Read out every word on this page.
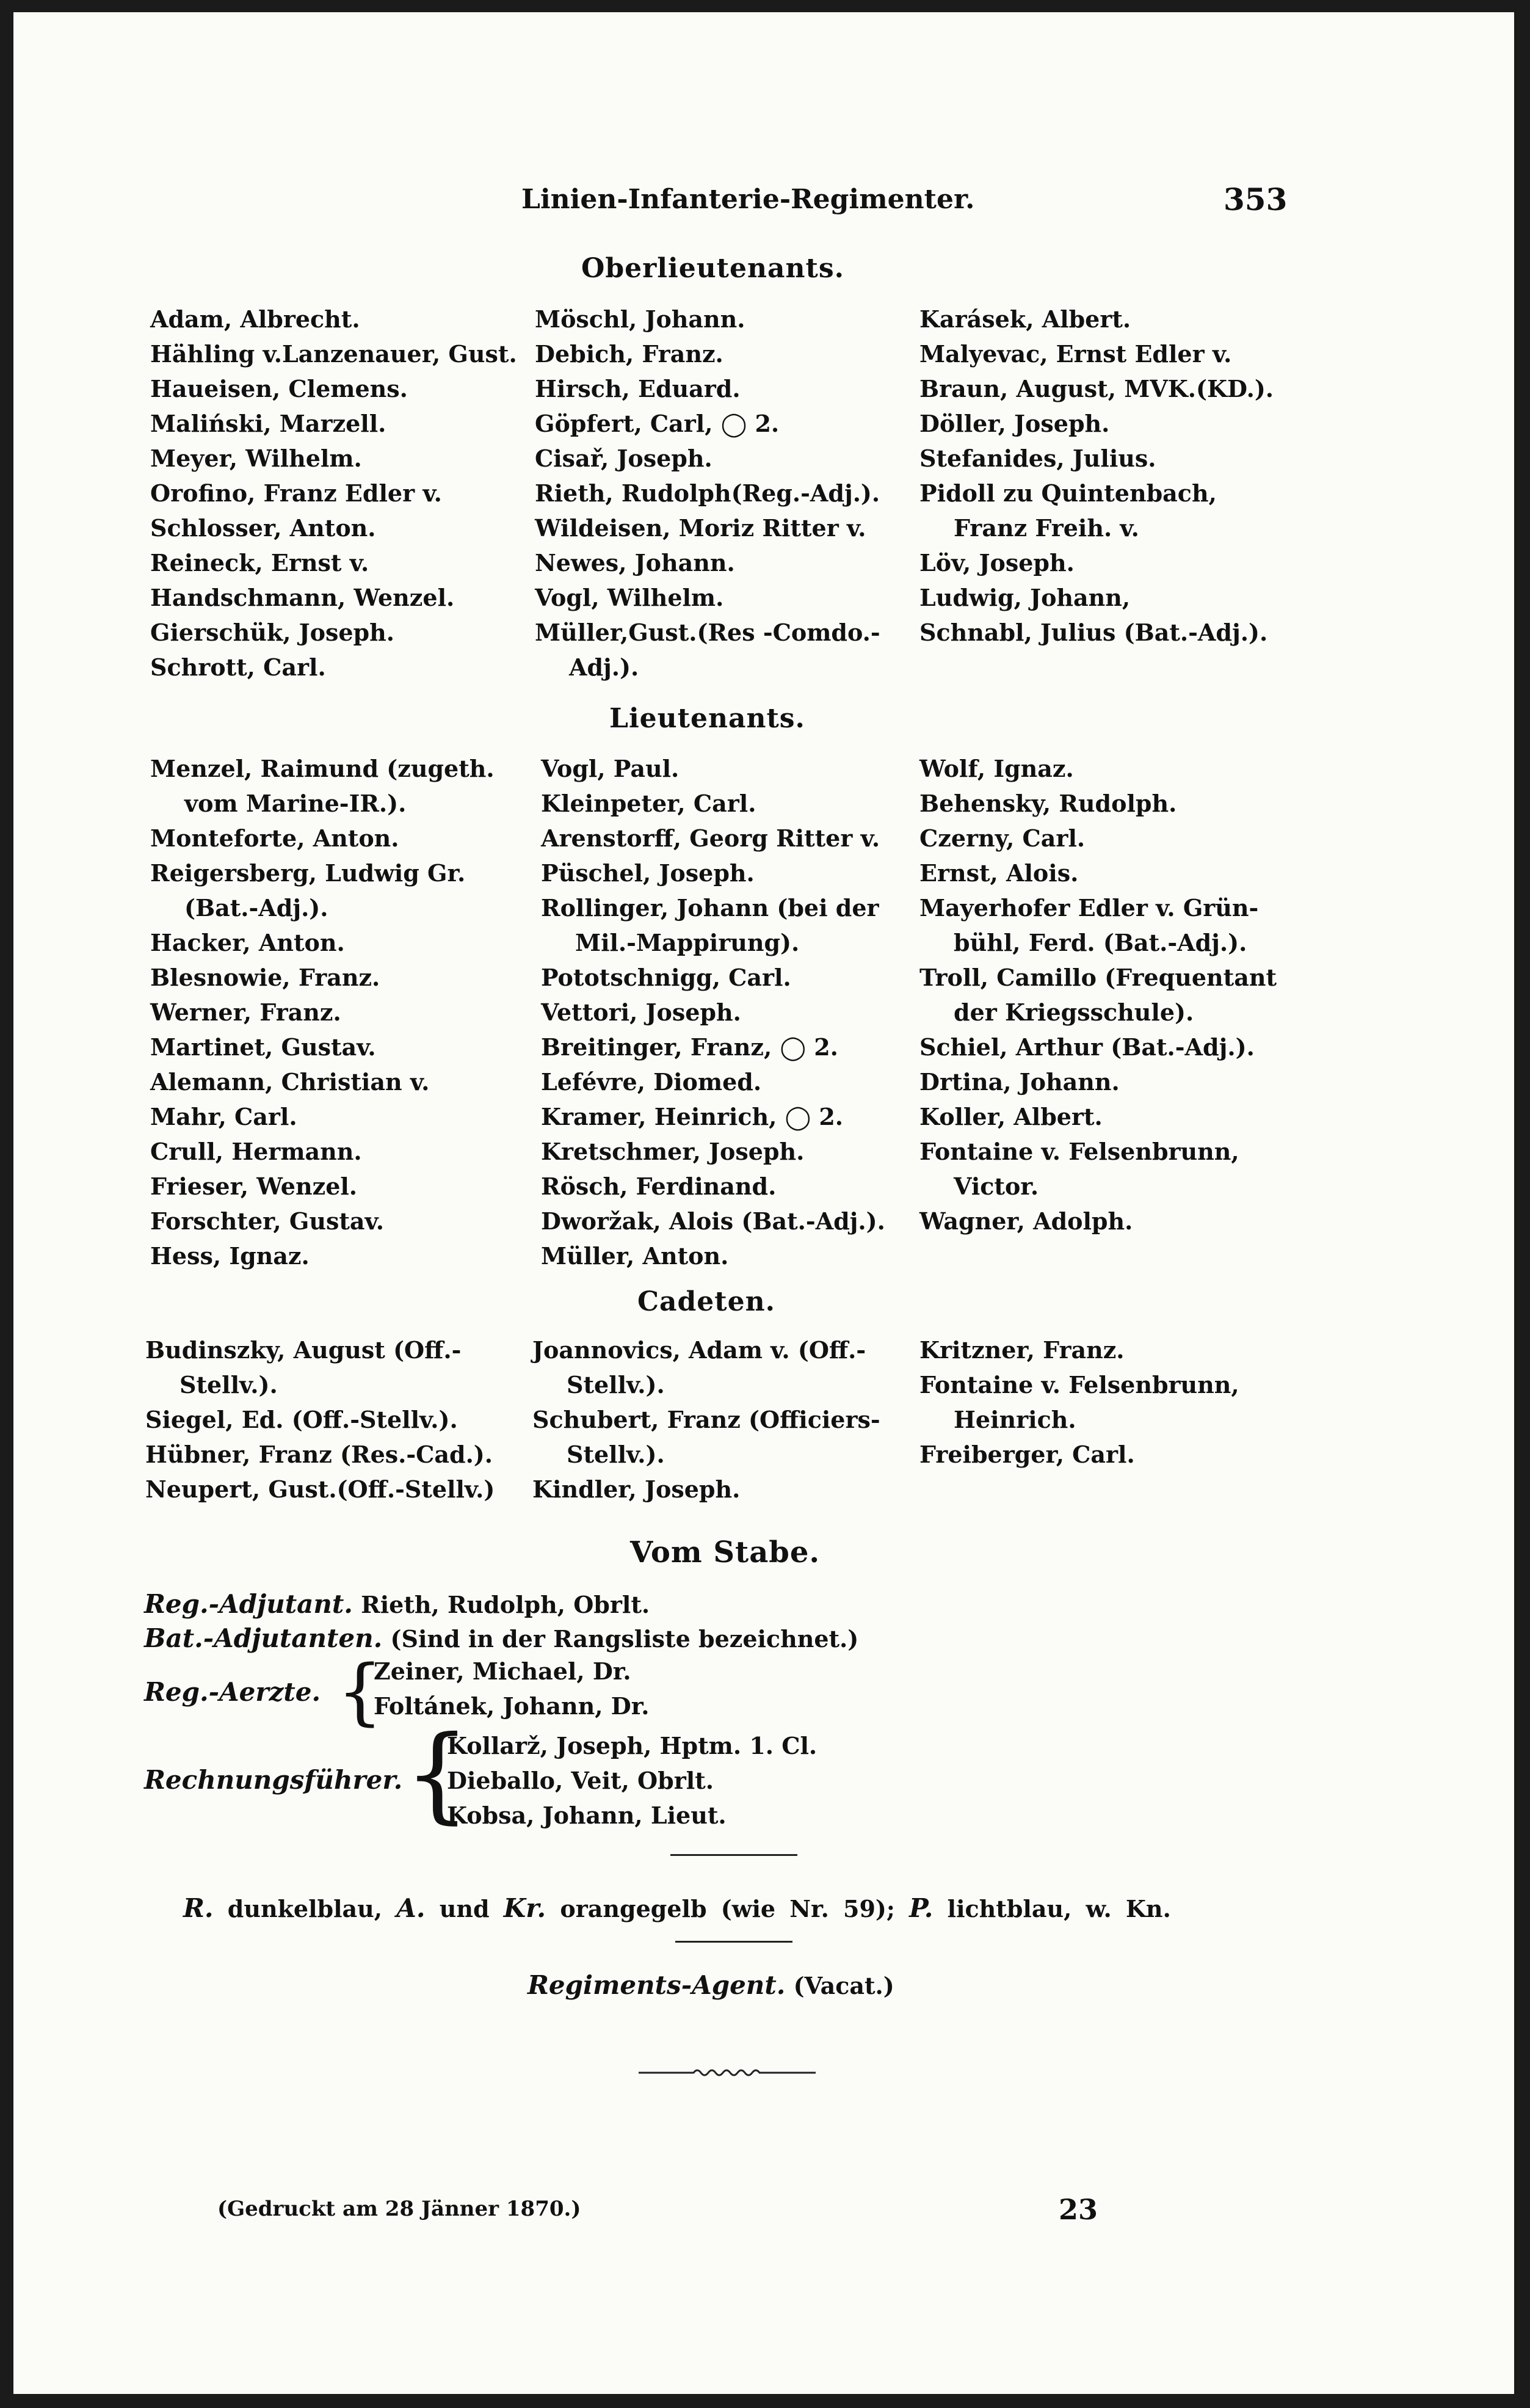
Linien-Infanterie-Regimenter.	353
Oberlieutenants.
Adam, Albrecht.
Hähling v.Lanzenauer, Gust.
Haueisen, Clemens.
Maliński, Marzell.
Meyer, Wilhelm.
Orofino, Franz Edler v.
Schlosser, Anton.
Reineck, Ernst v.
Handschmann, Wenzel.
Gierschük, Joseph.
Schrott, Carl.
Möschl, Johann.
Debich, Franz.
Hirsch, Eduard.
Göpfert, Carl, ◯ 2.
Cisař, Joseph.
Rieth, Rudolph(Reg.-Adj.).
Wildeisen, Moriz Ritter v.
Newes, Johann.
Vogl, Wilhelm.
Müller,Gust.(Res -Comdo.-
Adj.).
Karásek, Albert.
Malyevac, Ernst Edler v.
Braun, August, MVK.(KD.).
Döller, Joseph.
Stefanides, Julius.
Pidoll zu Quintenbach,
Franz Freih. v.
Löv, Joseph.
Ludwig, Johann,
Schnabl, Julius (Bat.-Adj.).
Lieutenants.
Menzel, Raimund (zugeth.
vom Marine-IR.).
Monteforte, Anton.
Reigersberg, Ludwig Gr.
(Bat.-Adj.).
Hacker, Anton.
Blesnowie, Franz.
Werner, Franz.
Martinet, Gustav.
Alemann, Christian v.
Mahr, Carl.
Crull, Hermann.
Frieser, Wenzel.
Forschter, Gustav.
Hess, Ignaz.
Vogl, Paul.
Kleinpeter, Carl.
Arenstorff, Georg Ritter v.
Püschel, Joseph.
Rollinger, Johann (bei der
Mil.-Mappirung).
Pototschnigg, Carl.
Vettori, Joseph.
Breitinger, Franz, ◯ 2.
Lefévre, Diomed.
Kramer, Heinrich, ◯ 2.
Kretschmer, Joseph.
Rösch, Ferdinand.
Dworžak, Alois (Bat.-Adj.).
Müller, Anton.
Wolf, Ignaz.
Behensky, Rudolph.
Czerny, Carl.
Ernst, Alois.
Mayerhofer Edler v. Grün-
bühl, Ferd. (Bat.-Adj.).
Troll, Camillo (Frequentant
der Kriegsschule).
Schiel, Arthur (Bat.-Adj.).
Drtina, Johann.
Koller, Albert.
Fontaine v. Felsenbrunn,
Victor.
Wagner, Adolph.
Cadeten.
Budinszky, August (Off.-
Stellv.).
Siegel, Ed. (Off.-Stellv.).
Hübner, Franz (Res.-Cad.).
Neupert, Gust.(Off.-Stellv.)
Joannovics, Adam v. (Off.-
Stellv.).
Schubert, Franz (Officiers-
Stellv.).
Kindler, Joseph.
Kritzner, Franz.
Fontaine v. Felsenbrunn,
Heinrich.
Freiberger, Carl.
Vom Stabe.
Reg.-Adjutant. Rieth, Rudolph, Obrlt.
Bat.-Adjutanten. (Sind in der Rangsliste bezeichnet.)
Reg.-Aerzte. {
Zeiner, Michael, Dr.
Foltánek, Johann, Dr.
Rechnungsführer. {
Kollarž, Joseph, Hptm. 1. Cl.
Dieballo, Veit, Obrlt.
Kobsa, Johann, Lieut.
R. dunkelblau, A. und Kr. orangegelb (wie Nr. 59); P. lichtblau, w. Kn.
Regiments-Agent. (Vacat.)
(Gedruckt am 28 Jänner 1870.)	23
